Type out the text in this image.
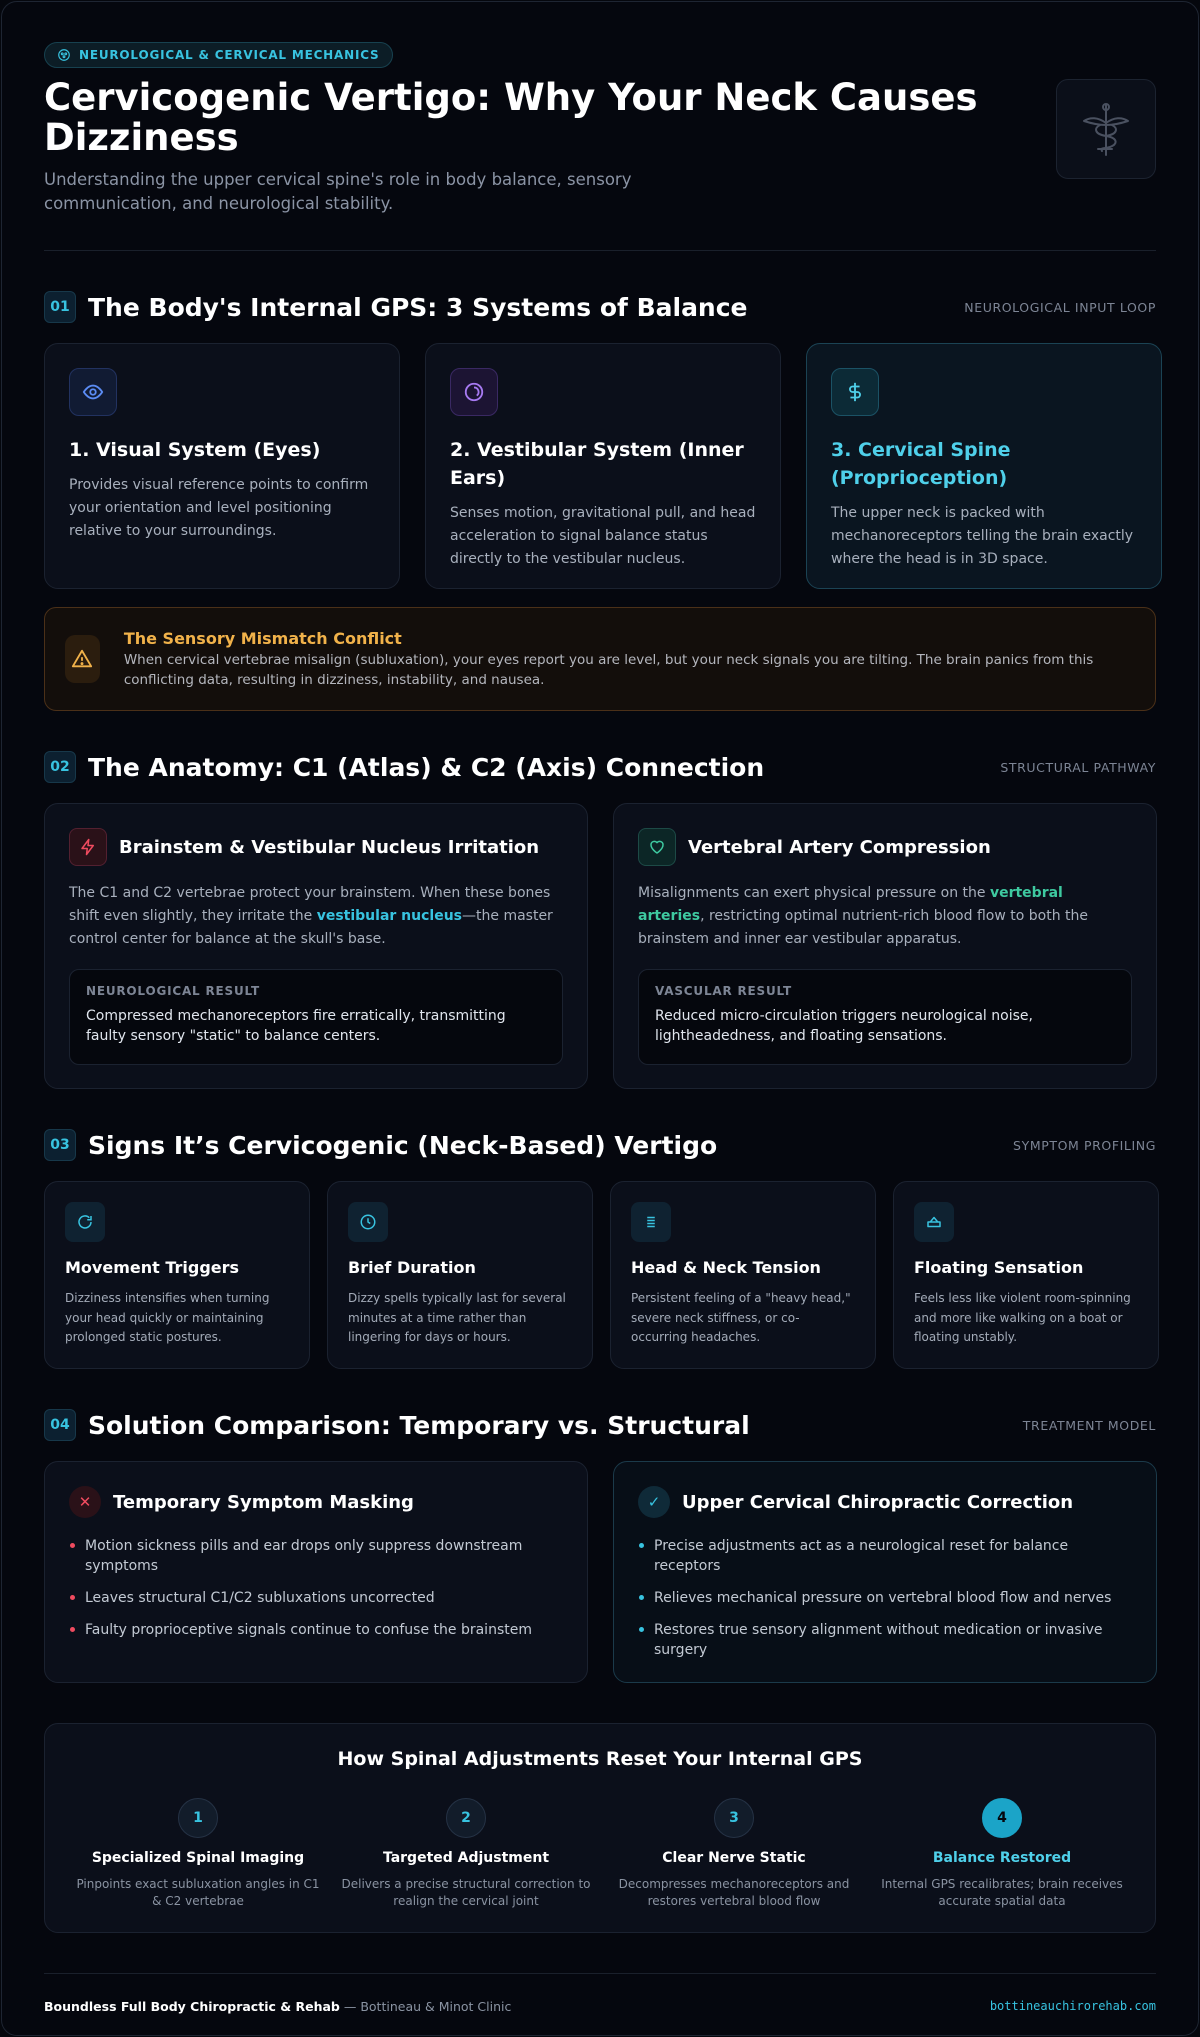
NEUROLOGICAL & CERVICAL MECHANICS
Cervicogenic Vertigo: Why Your Neck Causes Dizziness

Understanding the upper cervical spine's role in body balance, sensory communication, and neurological stability.

01 The Body's Internal GPS: 3 Systems of Balance	NEUROLOGICAL INPUT LOOP
1. Visual System (Eyes)

Provides visual reference points to confirm your orientation and level positioning relative to your surroundings.

2. Vestibular System (Inner Ears)

Senses motion, gravitational pull, and head acceleration to signal balance status directly to the vestibular nucleus.

3. Cervical Spine (Proprioception)

The upper neck is packed with mechanoreceptors telling the brain exactly where the head is in 3D space.

The Sensory Mismatch Conflict
When cervical vertebrae misalign (subluxation), your eyes report you are level, but your neck signals you are tilting. The brain panics from this conflicting data, resulting in dizziness, instability, and nausea.
02 The Anatomy: C1 (Atlas) & C2 (Axis) Connection	STRUCTURAL PATHWAY
Brainstem & Vestibular Nucleus Irritation

The C1 and C2 vertebrae protect your brainstem. When these bones shift even slightly, they irritate the vestibular nucleus—the master control center for balance at the skull's base.

NEUROLOGICAL RESULT
Compressed mechanoreceptors fire erratically, transmitting faulty sensory "static" to balance centers.
Vertebral Artery Compression

Misalignments can exert physical pressure on the vertebral arteries, restricting optimal nutrient-rich blood flow to both the brainstem and inner ear vestibular apparatus.

VASCULAR RESULT
Reduced micro-circulation triggers neurological noise, lightheadedness, and floating sensations.
03 Signs It’s Cervicogenic (Neck-Based) Vertigo	SYMPTOM PROFILING
Movement Triggers

Dizziness intensifies when turning your head quickly or maintaining prolonged static postures.

Brief Duration

Dizzy spells typically last for several minutes at a time rather than lingering for days or hours.

Head & Neck Tension

Persistent feeling of a "heavy head," severe neck stiffness, or co-occurring headaches.

Floating Sensation

Feels less like violent room-spinning and more like walking on a boat or floating unstably.

04 Solution Comparison: Temporary vs. Structural	TREATMENT MODEL
✕	Temporary Symptom Masking
Motion sickness pills and ear drops only suppress downstream symptoms
Leaves structural C1/C2 subluxations uncorrected
Faulty proprioceptive signals continue to confuse the brainstem
✓	Upper Cervical Chiropractic Correction
Precise adjustments act as a neurological reset for balance receptors
Relieves mechanical pressure on vertebral blood flow and nerves
Restores true sensory alignment without medication or invasive surgery
How Spinal Adjustments Reset Your Internal GPS
1
Specialized Spinal Imaging

Pinpoints exact subluxation angles in C1 & C2 vertebrae

2
Targeted Adjustment

Delivers a precise structural correction to realign the cervical joint

3
Clear Nerve Static

Decompresses mechanoreceptors and restores vertebral blood flow

4
Balance Restored

Internal GPS recalibrates; brain receives accurate spatial data

Boundless Full Body Chiropractic & Rehab — Bottineau & Minot Clinic	bottineauchirorehab.com
